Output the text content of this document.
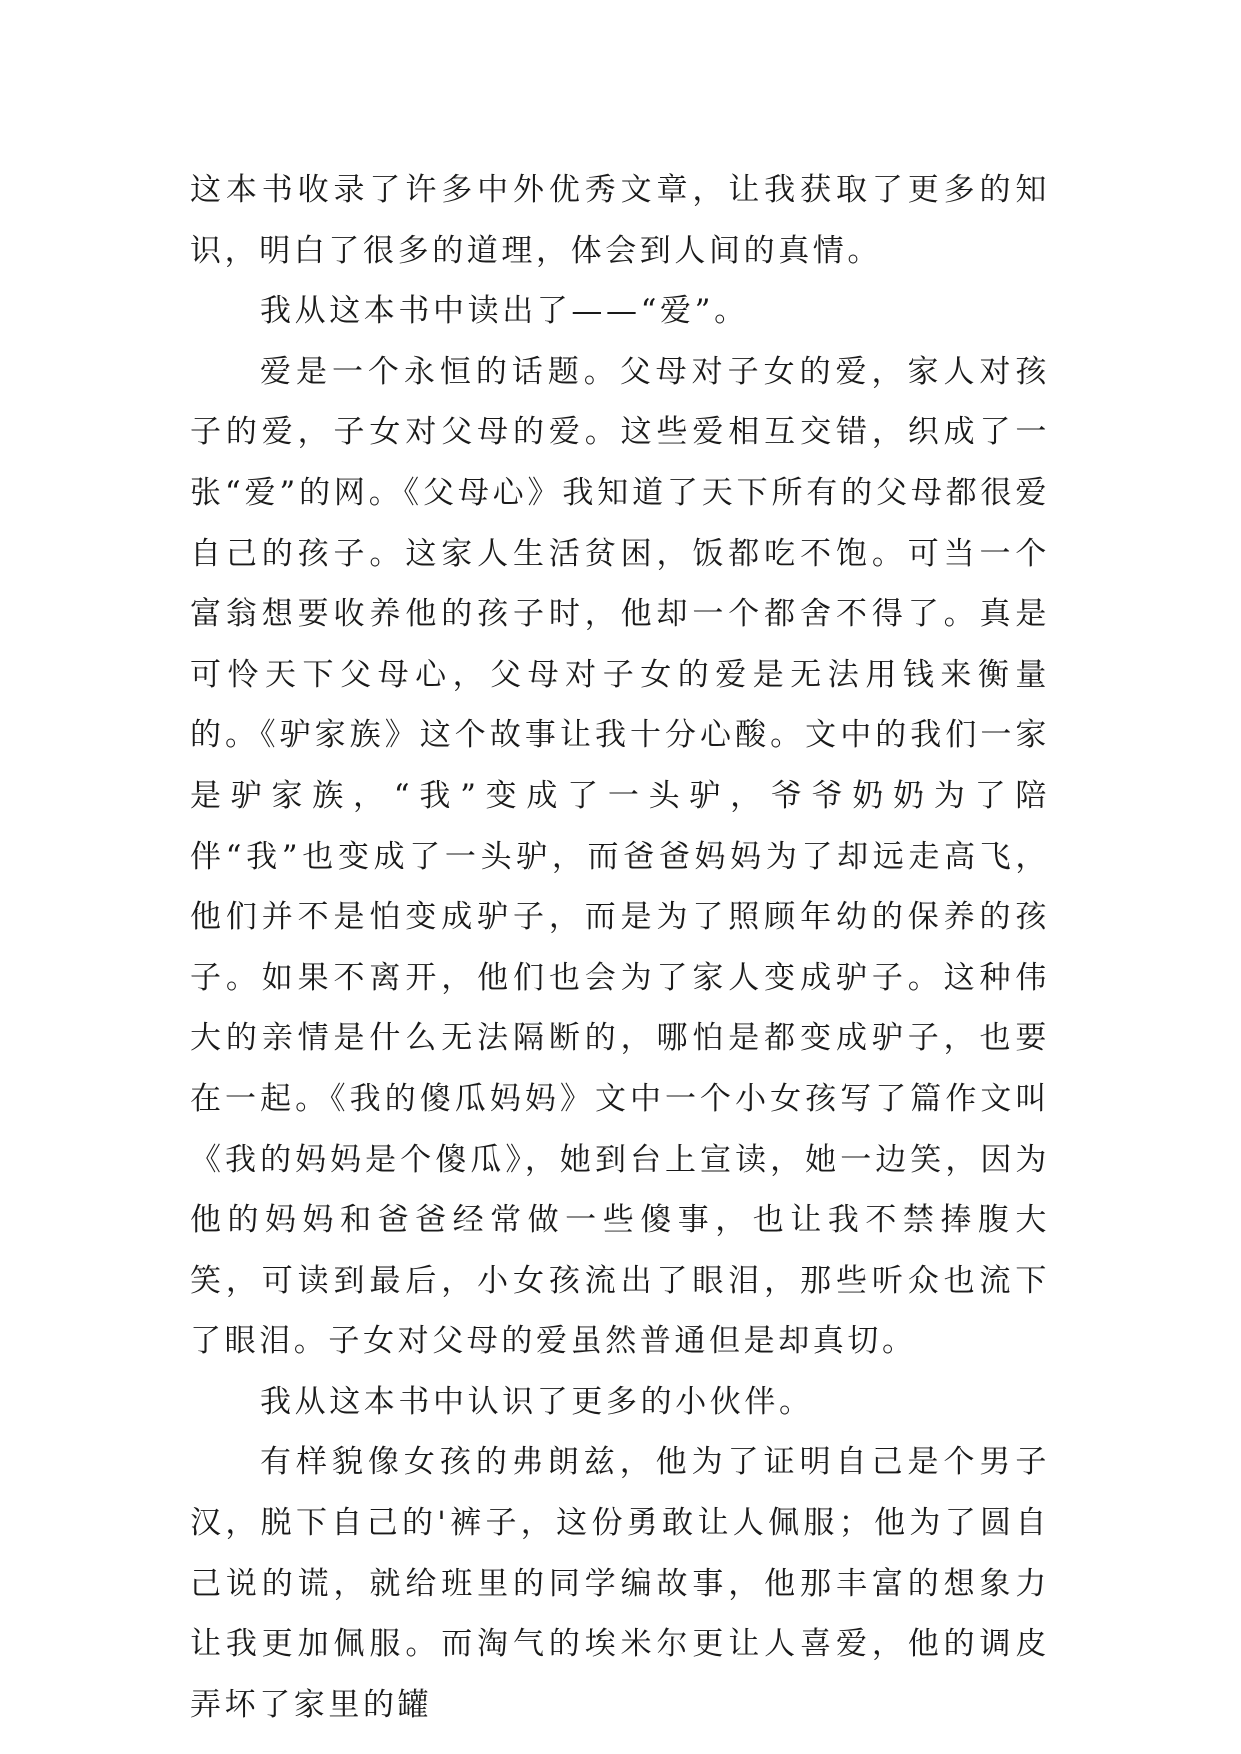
这本书收录了许多中外优秀文章，让我获取了更多的知识，明白了很多的道理，体会到人间的真情。

我从这本书中读出了——“爱”。

爱是一个永恒的话题。父母对子女的爱，家人对孩子的爱，子女对父母的爱。这些爱相互交错，织成了一张“爱”的网。《父母心》我知道了天下所有的父母都很爱自己的孩子。这家人生活贫困，饭都吃不饱。可当一个富翁想要收养他的孩子时，他却一个都舍不得了。真是可怜天下父母心，父母对子女的爱是无法用钱来衡量的。《驴家族》这个故事让我十分心酸。文中的我们一家是驴家族，“我”变成了一头驴，爷爷奶奶为了陪伴“我”也变成了一头驴，而爸爸妈妈为了却远走高飞，他们并不是怕变成驴子，而是为了照顾年幼的保养的孩子。如果不离开，他们也会为了家人变成驴子。这种伟大的亲情是什么无法隔断的，哪怕是都变成驴子，也要在一起。《我的傻瓜妈妈》文中一个小女孩写了篇作文叫《我的妈妈是个傻瓜》，她到台上宣读，她一边笑，因为他的妈妈和爸爸经常做一些傻事，也让我不禁捧腹大笑，可读到最后，小女孩流出了眼泪，那些听众也流下了眼泪。子女对父母的爱虽然普通但是却真切。

我从这本书中认识了更多的小伙伴。

有样貌像女孩的弗朗兹，他为了证明自己是个男子汉，脱下自己的'裤子，这份勇敢让人佩服；他为了圆自己说的谎，就给班里的同学编故事，他那丰富的想象力让我更加佩服。而淘气的埃米尔更让人喜爱，他的调皮弄坏了家里的罐
